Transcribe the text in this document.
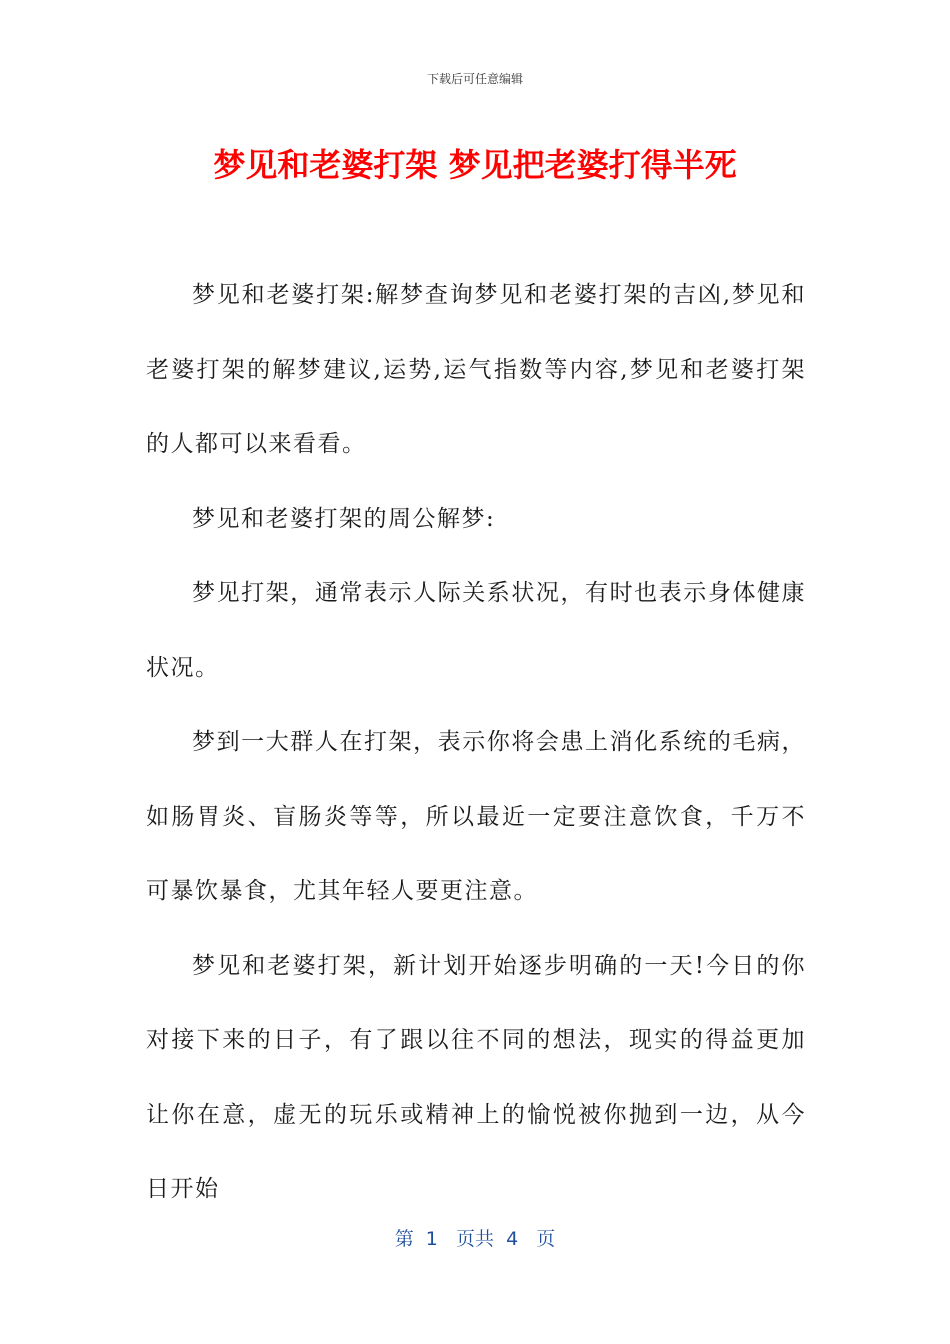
下载后可任意编辑
梦见和老婆打架 梦见把老婆打得半死

梦见和老婆打架:解梦查询梦见和老婆打架的吉凶,梦见和老婆打架的解梦建议,运势,运气指数等内容,梦见和老婆打架的人都可以来看看。

梦见和老婆打架的周公解梦:

梦见打架，通常表示人际关系状况，有时也表示身体健康状况。

梦到一大群人在打架，表示你将会患上消化系统的毛病，如肠胃炎、盲肠炎等等，所以最近一定要注意饮食，千万不可暴饮暴食，尤其年轻人要更注意。

梦见和老婆打架，新计划开始逐步明确的一天!今日的你对接下来的日子，有了跟以往不同的想法，现实的得益更加让你在意，虚无的玩乐或精神上的愉悦被你抛到一边，从今日开始

第  1   页共  4   页
